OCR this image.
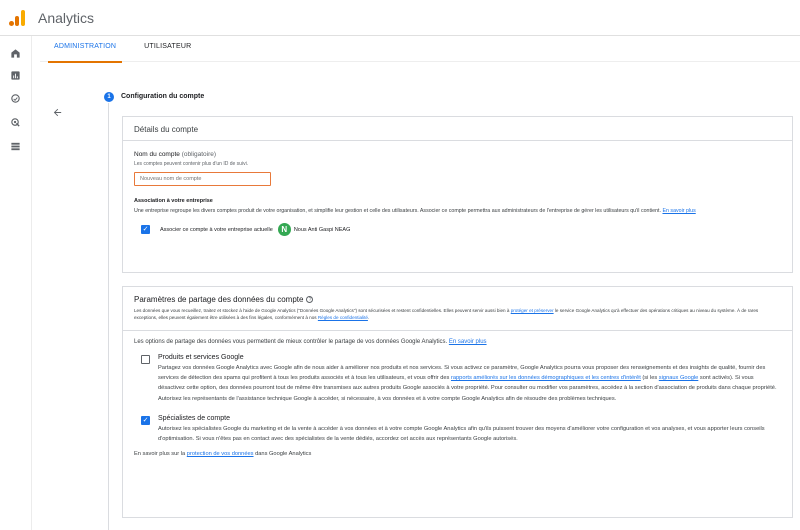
Analytics
ADMINISTRATION	UTILISATEUR
1	Configuration du compte
Détails du compte
Nom du compte (obligatoire)
Les comptes peuvent contenir plus d'un ID de suivi.
Nouveau nom de compte
Association à votre entreprise
Une entreprise regroupe les divers comptes produit de votre organisation, et simplifie leur gestion et celle des utilisateurs. Associer ce compte permettra aux administrateurs de l'entreprise de gérer les utilisateurs qu'il contient. En savoir plus
✓ Associer ce compte à votre entreprise actuelle	N	Nous Anti Gaspi NEAG
Paramètres de partage des données du compte ?
Les données que vous recueillez, traitez et stockez à l'aide de Google Analytics ("Données Google Analytics") sont sécurisées et restent confidentielles. Elles peuvent servir aussi bien à protéger et préserver le service Google Analytics qu'à effectuer des opérations critiques au niveau du système. À de rares exceptions, elles peuvent également être utilisées à des fins légales, conformément à nos Règles de confidentialité.
Les options de partage des données vous permettent de mieux contrôler le partage de vos données Google Analytics. En savoir plus
Produits et services Google
Partagez vos données Google Analytics avec Google afin de nous aider à améliorer nos produits et nos services. Si vous activez ce paramètre, Google Analytics pourra vous proposer des renseignements et des insights de qualité, fournir des services de détection des spams qui profitent à tous les produits associés et à tous les utilisateurs, et vous offrir des rapports améliorés sur les données démographiques et les centres d'intérêt (si les signaux Google sont activés). Si vous désactivez cette option, des données pourront tout de même être transmises aux autres produits Google associés à votre propriété. Pour consulter ou modifier vos paramètres, accédez à la section d'association de produits dans chaque propriété.
Autorisez les représentants de l'assistance technique Google à accéder, si nécessaire, à vos données et à votre compte Google Analytics afin de résoudre des problèmes techniques.
✓ Spécialistes de compte
Autorisez les spécialistes Google du marketing et de la vente à accéder à vos données et à votre compte Google Analytics afin qu'ils puissent trouver des moyens d'améliorer votre configuration et vos analyses, et vous apporter leurs conseils d'optimisation. Si vous n'êtes pas en contact avec des spécialistes de la vente dédiés, accordez cet accès aux représentants Google autorisés.
En savoir plus sur la protection de vos données dans Google Analytics
